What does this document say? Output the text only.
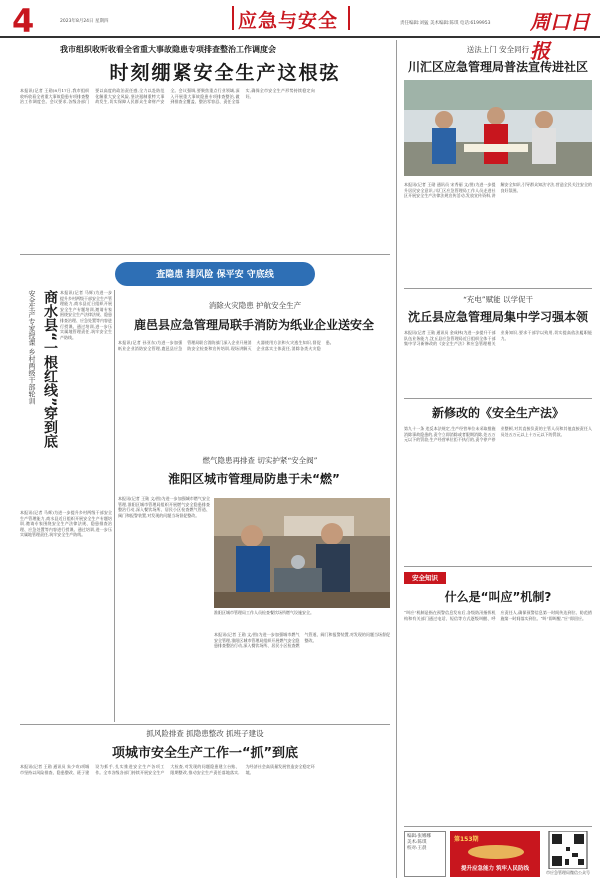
4	2023年8月24日 星期四	应急与安全	责任编辑:刘猛 美术编辑:陈琪 电话:6199953 周口日报
我市组织收听收看全省重大事故隐患专项排查整治工作调度会
时刻绷紧安全生产这根弦
本报讯(记者 王勋)8月17日,我市组织收听收看全省重大事故隐患专项排查整治工作调度会。会议要求,各级各部门要以高度的政治责任感,全力以赴防范化解重大安全风险,坚决遏制重特大事故发生,切实保障人民群众生命财产安全。会议强调,要聚焦重点行业领域,深入开展重大事故隐患专项排查整治,做到排查全覆盖、整治零容忍、责任全落实,确保全市安全生产形势持续稳定向好。
查隐患 排风险 保平安 守底线
安全生产专家授课 乡村两级干部轮训 商水县“一根红线”穿到底 本报讯(记者 马辉)为进一步提升乡村两级干部安全生产管理能力,商水县近日组织开展安全生产专题培训,邀请专家围绕安全生产法律法规、隐患排查治理、应急处置等内容进行授课。通过培训,进一步压实属地管理责任,筑牢安全生产防线。
本报讯(记者 马辉)为进一步提升乡村两级干部安全生产管理能力,商水县近日组织开展安全生产专题培训,邀请专家围绕安全生产法律法规、隐患排查治理、应急处置等内容进行授课。通过培训,进一步压实属地管理责任,筑牢安全生产防线。
消除火灾隐患 护航安全生产
鹿邑县应急管理局联手消防为纸业企业送安全
本报讯(记者 孙亚东)为进一步加强纸业企业消防安全管理,鹿邑县应急管理局联合消防部门深入企业开展消防安全检查和宣传培训,现场讲解灭火器使用方法和火灾逃生知识,督促企业落实主体责任,消除各类火灾隐患。
燃气隐患再排查 切实护紧“安全阀”
淮阳区城市管理局防患于未“燃”
本报讯(记者 王勋 文/图)为进一步加强城市燃气安全管理,淮阳区城市管理局组织开展燃气安全隐患排查整治行动,深入餐饮场所、居民小区检查燃气管道、阀门和报警装置,对发现的问题当场督促整改。
淮阳区城市管理局工作人员检查餐饮场所燃气设施安全。
本报讯(记者 王勋 文/图)为进一步加强城市燃气安全管理,淮阳区城市管理局组织开展燃气安全隐患排查整治行动,深入餐饮场所、居民小区检查燃气管道、阀门和报警装置,对发现的问题当场督促整改。
抓风险排查 抓隐患整改 抓班子建设
项城市安全生产工作一“抓”到底
本报讯(记者 王勋 通讯员 朱少奇)项城市坚持以风险排查、隐患整改、班子建设为抓手,扎实推进安全生产各项工作。全市各级各部门持续开展安全生产大检查,对发现的问题隐患建立台账、限期整改,推动安全生产责任落地落实,为经济社会高质量发展营造安全稳定环境。
送法上门 安全同行
川汇区应急管理局普法宣传进社区
本报讯(记者 王勋 通讯员 宋秀丽 文/图)为进一步提升居民安全意识,川汇区应急管理局工作人员走进社区开展安全生产法律法规宣传活动,发放宣传资料,讲解安全知识,引导群众知法守法,营造全民关注安全的良好氛围。
“充电”赋能 以学促干
沈丘县应急管理局集中学习强本领
本报讯(记者 王勋 通讯员 金成林)为进一步提升干部队伍业务能力,沈丘县应急管理局近日组织全体干部集中学习新修改的《安全生产法》和应急管理相关业务知识,要求干部学以致用,切实提高依法履职能力。
新修改的《安全生产法》
第九十一条 违反本法规定,生产经营单位未采取措施消除事故隐患的,责令立即消除或者限期消除,处五万元以下的罚款;生产经营单位拒不执行的,责令停产停业整顿,对其直接负责的主管人员和其他直接责任人员处五万元以上十万元以下的罚款。
安全知识
什么是“叫应”机制?
“叫应”机制是指在预警信息发布后,各级防汛指挥机构和有关部门通过电话、短信等方式逐级叫醒、呼应责任人,确保预警信息第一时间传达到位、防范措施第一时间落实到位。“叫”即叫醒,“应”即回应。
编辑:张娜娜
美术:陈琪
校对:王晨
第153期
提升应急能力 筑牢人民防线
市应急管理局微信公众号
